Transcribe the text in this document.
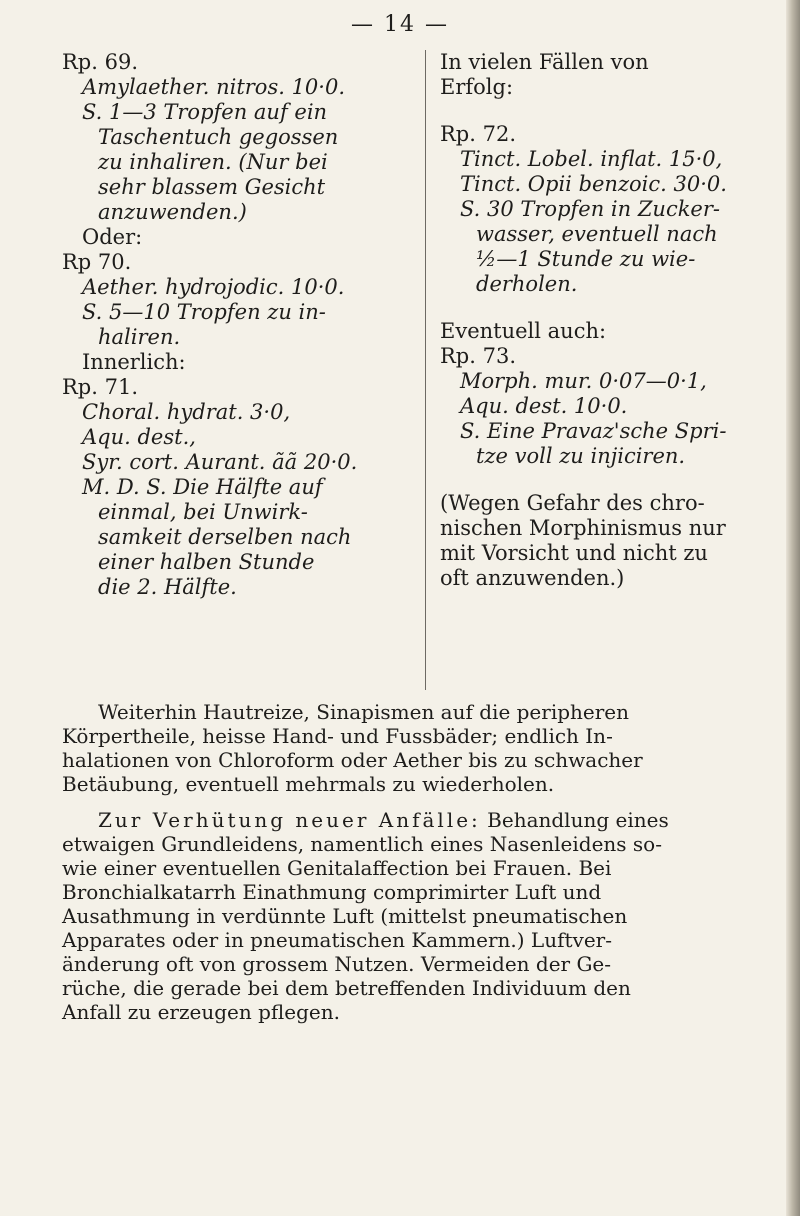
— 14 —
Rp. 69.
Amylaether. nitros. 10·0.
S. 1—3 Tropfen auf ein
Taschentuch gegossen
zu inhaliren. (Nur bei
sehr blassem Gesicht
anzuwenden.)
Oder:
Rp 70.
Aether. hydrojodic. 10·0.
S. 5—10 Tropfen zu in-
haliren.
Innerlich:
Rp. 71.
Choral. hydrat. 3·0,
Aqu. dest.,
Syr. cort. Aurant. ãã 20·0.
M. D. S. Die Hälfte auf
einmal, bei Unwirk-
samkeit derselben nach
einer halben Stunde
die 2. Hälfte.
In vielen Fällen von
Erfolg:
Rp. 72.
Tinct. Lobel. inflat. 15·0,
Tinct. Opii benzoic. 30·0.
S. 30 Tropfen in Zucker-
wasser, eventuell nach
½—1 Stunde zu wie-
derholen.
Eventuell auch:
Rp. 73.
Morph. mur. 0·07—0·1,
Aqu. dest. 10·0.
S. Eine Pravaz'sche Spri-
tze voll zu injiciren.
(Wegen Gefahr des chro-
nischen Morphinismus nur
mit Vorsicht und nicht zu
oft anzuwenden.)
Weiterhin Hautreize, Sinapismen auf die peripheren
Körpertheile, heisse Hand- und Fussbäder; endlich In-
halationen von Chloroform oder Aether bis zu schwacher
Betäubung, eventuell mehrmals zu wiederholen.
Zur Verhütung neuer Anfälle: Behandlung eines
etwaigen Grundleidens, namentlich eines Nasenleidens so-
wie einer eventuellen Genitalaffection bei Frauen. Bei
Bronchialkatarrh Einathmung comprimirter Luft und
Ausathmung in verdünnte Luft (mittelst pneumatischen
Apparates oder in pneumatischen Kammern.) Luftver-
änderung oft von grossem Nutzen. Vermeiden der Ge-
rüche, die gerade bei dem betreffenden Individuum den
Anfall zu erzeugen pflegen.
